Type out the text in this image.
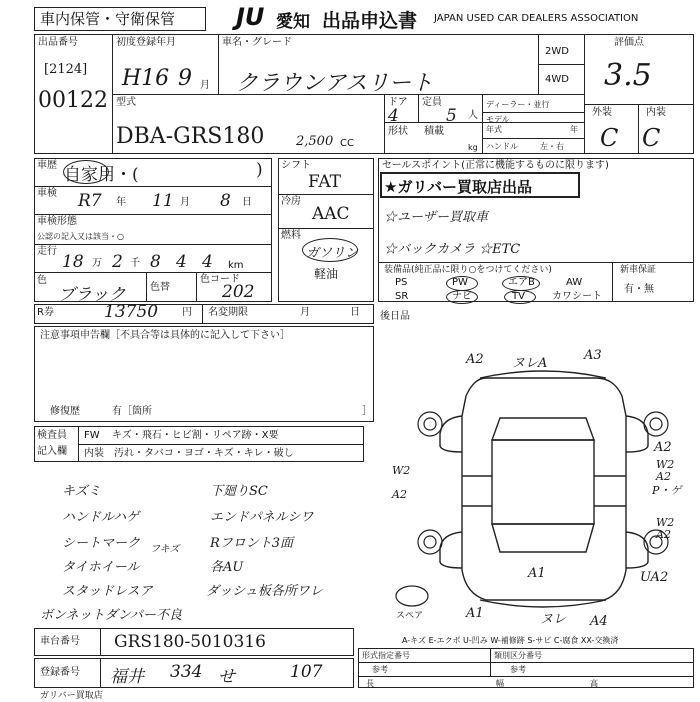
車内保管・守衛保管	JU 愛知 出品申込書 JAPAN USED CAR DEALERS ASSOCIATION
出品番号
[2124]
00122
初度登録年月
H16 9 月
車名・グレード
クラウンアスリート
2WD
4WD
評価点
3.5
型式
DBA-GRS180 2,500 CC
ドア
4
定員
5 人
形状 積載
kg
ディーラー・並行
モデル
年式	年
ハンドル	左・右
外装	内装
C C
車歴 自家用・(	)
車検 R7 年 11 月 8 日
車検形態
公認の記入又は該当・○
走行
18 万 2 千 8 4 4 km
色
ブラック 色替
色コード
202
シフト
FAT
冷房
AAC
燃料
ガソリン
軽油
セールスポイント(正常に機能するものに限ります)
★ガリバー買取店出品
☆ユーザー買取車
☆バックカメラ ☆ETC
装備品(純正品に限り○をつけてください)	新車保証
有・無
PS	PW	エアB	AW
SR	ナビ	TV	カワシート
R券	13750 円 名変期限	月	日 後日品
注意事項申告欄［不具合等は具体的に記入して下さい］
修復歴	有［箇所	］
検査員
記入欄
FW キズ・飛石・ヒビ割・リペア跡・X要
内装 汚れ・タバコ・ヨゴ・キズ・キレ・破し
キズミ	下廻りSC
ハンドルハゲ	エンドパネルシワ
シートマーク フキズ Rフロント3面
タイホイール	各AU
スタッドレスア	ダッシュ板各所ワレ
ボンネットダンパー不良
A2 ヌレA
A3
A2
W2
A2
W2
A2
P・ゲ
W2
A2
A1	UA2
A1	ヌレ A4
スペア
A-キズ E-エクボ U-凹み W-補修跡 S-サビ C-腐食 XX-交換済
車台番号 GRS180-5010316
登録番号 福井 334 せ	107
形式指定番号	類別区分番号
参考	参考
長	幅	高
ガリバー買取店
